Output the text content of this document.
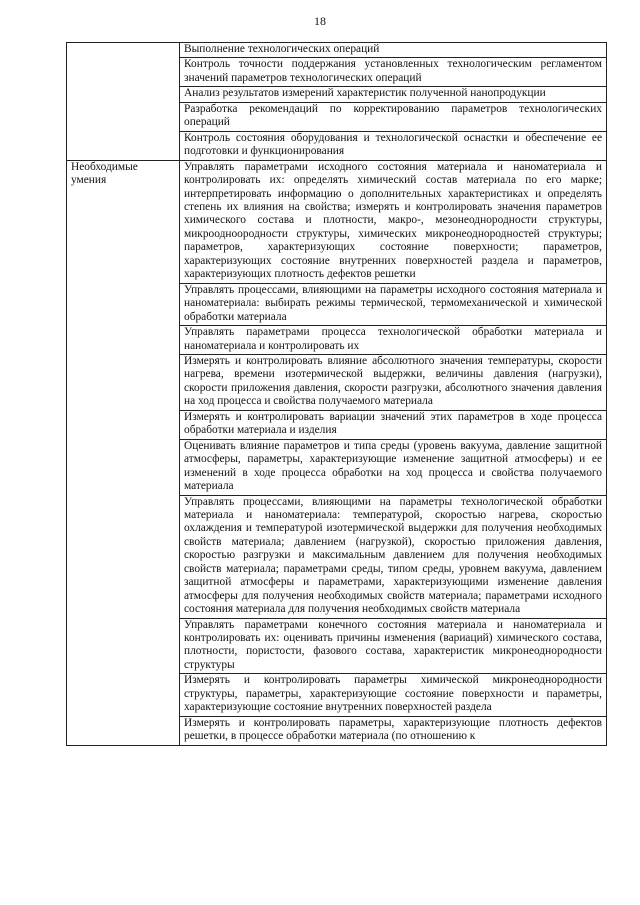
18
	Выполнение технологических операций
	Контроль точности поддержания установленных технологическим регламентом значений параметров технологических операций
	Анализ результатов измерений характеристик полученной нанопродукции
	Разработка рекомендаций по корректированию параметров технологических операций
	Контроль состояния оборудования и технологической оснастки и обеспечение ее подготовки и функционирования
Необходимые умения	Управлять параметрами исходного состояния материала и наноматериала и контролировать их: определять химический состав материала по его марке; интерпретировать информацию о дополнительных характеристиках и определять степень их влияния на свойства; измерять и контролировать значения параметров химического состава и плотности, макро-, мезонеоднородности структуры, микроодноородности структуры, химических микронеоднородностей структуры; параметров, характеризующих состояние поверхности; параметров, характеризующих состояние внутренних поверхностей раздела и параметров, характеризующих плотность дефектов решетки
	Управлять процессами, влияющими на параметры исходного состояния материала и наноматериала: выбирать режимы термической, термомеханической и химической обработки материала
	Управлять параметрами процесса технологической обработки материала и наноматериала и контролировать их
	Измерять и контролировать влияние абсолютного значения температуры, скорости нагрева, времени изотермической выдержки, величины давления (нагрузки), скорости приложения давления, скорости разгрузки, абсолютного значения давления на ход процесса и свойства получаемого материала
	Измерять и контролировать вариации значений этих параметров в ходе процесса обработки материала и изделия
	Оценивать влияние параметров и типа среды (уровень вакуума, давление защитной атмосферы, параметры, характеризующие изменение защитной атмосферы) и ее изменений в ходе процесса обработки на ход процесса и свойства получаемого материала
	Управлять процессами, влияющими на параметры технологической обработки материала и наноматериала: температурой, скоростью нагрева, скоростью охлаждения и температурой изотермической выдержки для получения необходимых свойств материала; давлением (нагрузкой), скоростью приложения давления, скоростью разгрузки и максимальным давлением для получения необходимых свойств материала; параметрами среды, типом среды, уровнем вакуума, давлением защитной атмосферы и параметрами, характеризующими изменение давления атмосферы для получения необходимых свойств материала; параметрами исходного состояния материала для получения необходимых свойств материала
	Управлять параметрами конечного состояния материала и наноматериала и контролировать их: оценивать причины изменения (вариаций) химического состава, плотности, пористости, фазового состава, характеристик микронеоднородности структуры
	Измерять и контролировать параметры химической микронеоднородности структуры, параметры, характеризующие состояние поверхности и параметры, характеризующие состояние внутренних поверхностей раздела
	Измерять и контролировать параметры, характеризующие плотность дефектов решетки, в процессе обработки материала (по отношению к
